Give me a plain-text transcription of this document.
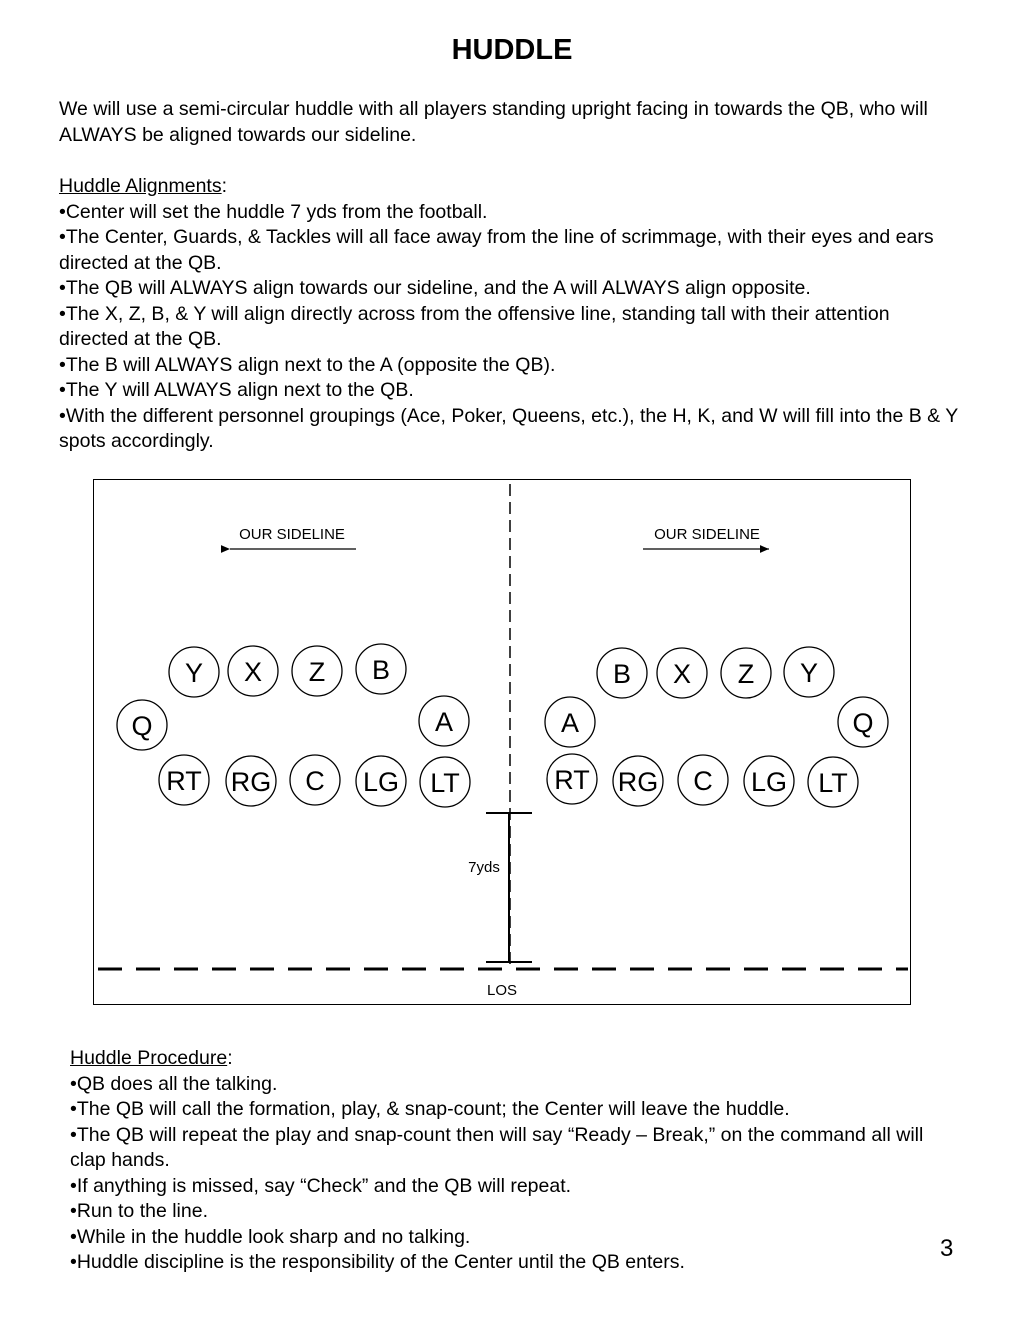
HUDDLE
We will use a semi-circular huddle with all players standing upright facing in towards the QB, who will ALWAYS be aligned towards our sideline.
Huddle Alignments:
• Center will set the huddle 7 yds from the football.
• The Center, Guards, & Tackles will all face away from the line of scrimmage, with their eyes and ears directed at the QB.
• The QB will ALWAYS align towards our sideline, and the A will ALWAYS align opposite.
• The X, Z, B, & Y will align directly across from the offensive line, standing tall with their attention directed at the QB.
• The B will ALWAYS align next to the A (opposite the QB).
• The Y will ALWAYS align next to the QB.
• With the different personnel groupings (Ace, Poker, Queens, etc.), the H, K, and W will fill into the B & Y spots accordingly.
OUR SIDELINE	OUR SIDELINE
Y X Z B
Q	A
RT RG C LG LT
B X Z Y
A	Q
RT RG C LG LT
7yds
LOS
Huddle Procedure:
• QB does all the talking.
• The QB will call the formation, play, & snap-count; the Center will leave the huddle.
• The QB will repeat the play and snap-count then will say “Ready – Break,” on the command all will clap hands.
• If anything is missed, say “Check” and the QB will repeat.
• Run to the line.
• While in the huddle look sharp and no talking.
• Huddle discipline is the responsibility of the Center until the QB enters.	3
